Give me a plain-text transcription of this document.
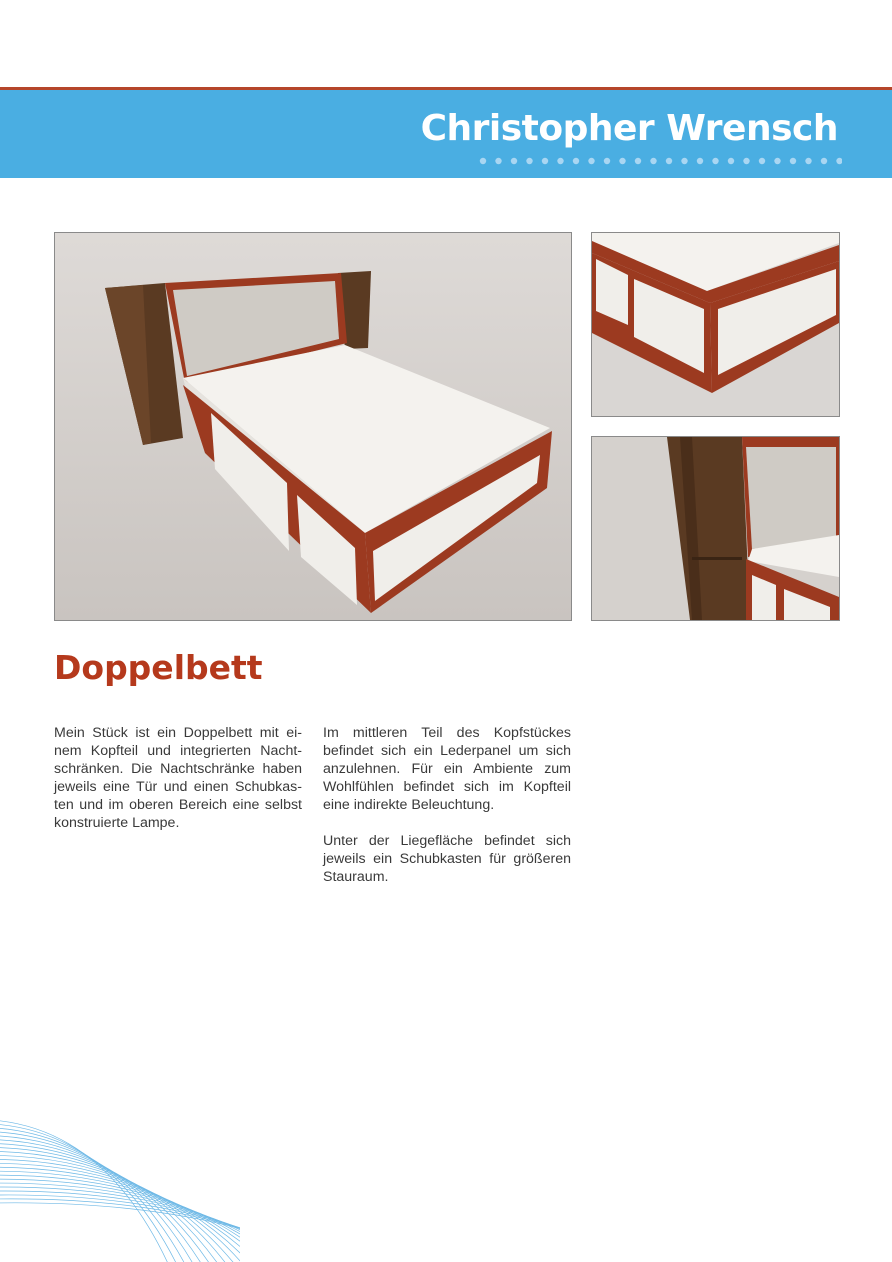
Christopher Wrensch
Doppelbett

Mein Stück ist ein Doppelbett mit ei-nem Kopfteil und integrierten Nacht-schränken. Die Nachtschränke haben jeweils eine Tür und einen Schubkas-ten und im oberen Bereich eine selbst konstruierte Lampe.

Im mittleren Teil des Kopfstückes befindet sich ein Lederpanel um sich anzulehnen. Für ein Ambiente zum Wohlfühlen befindet sich im Kopfteil eine indirekte Beleuchtung.

Unter der Liegefläche befindet sich jeweils ein Schubkasten für größeren Stauraum.
